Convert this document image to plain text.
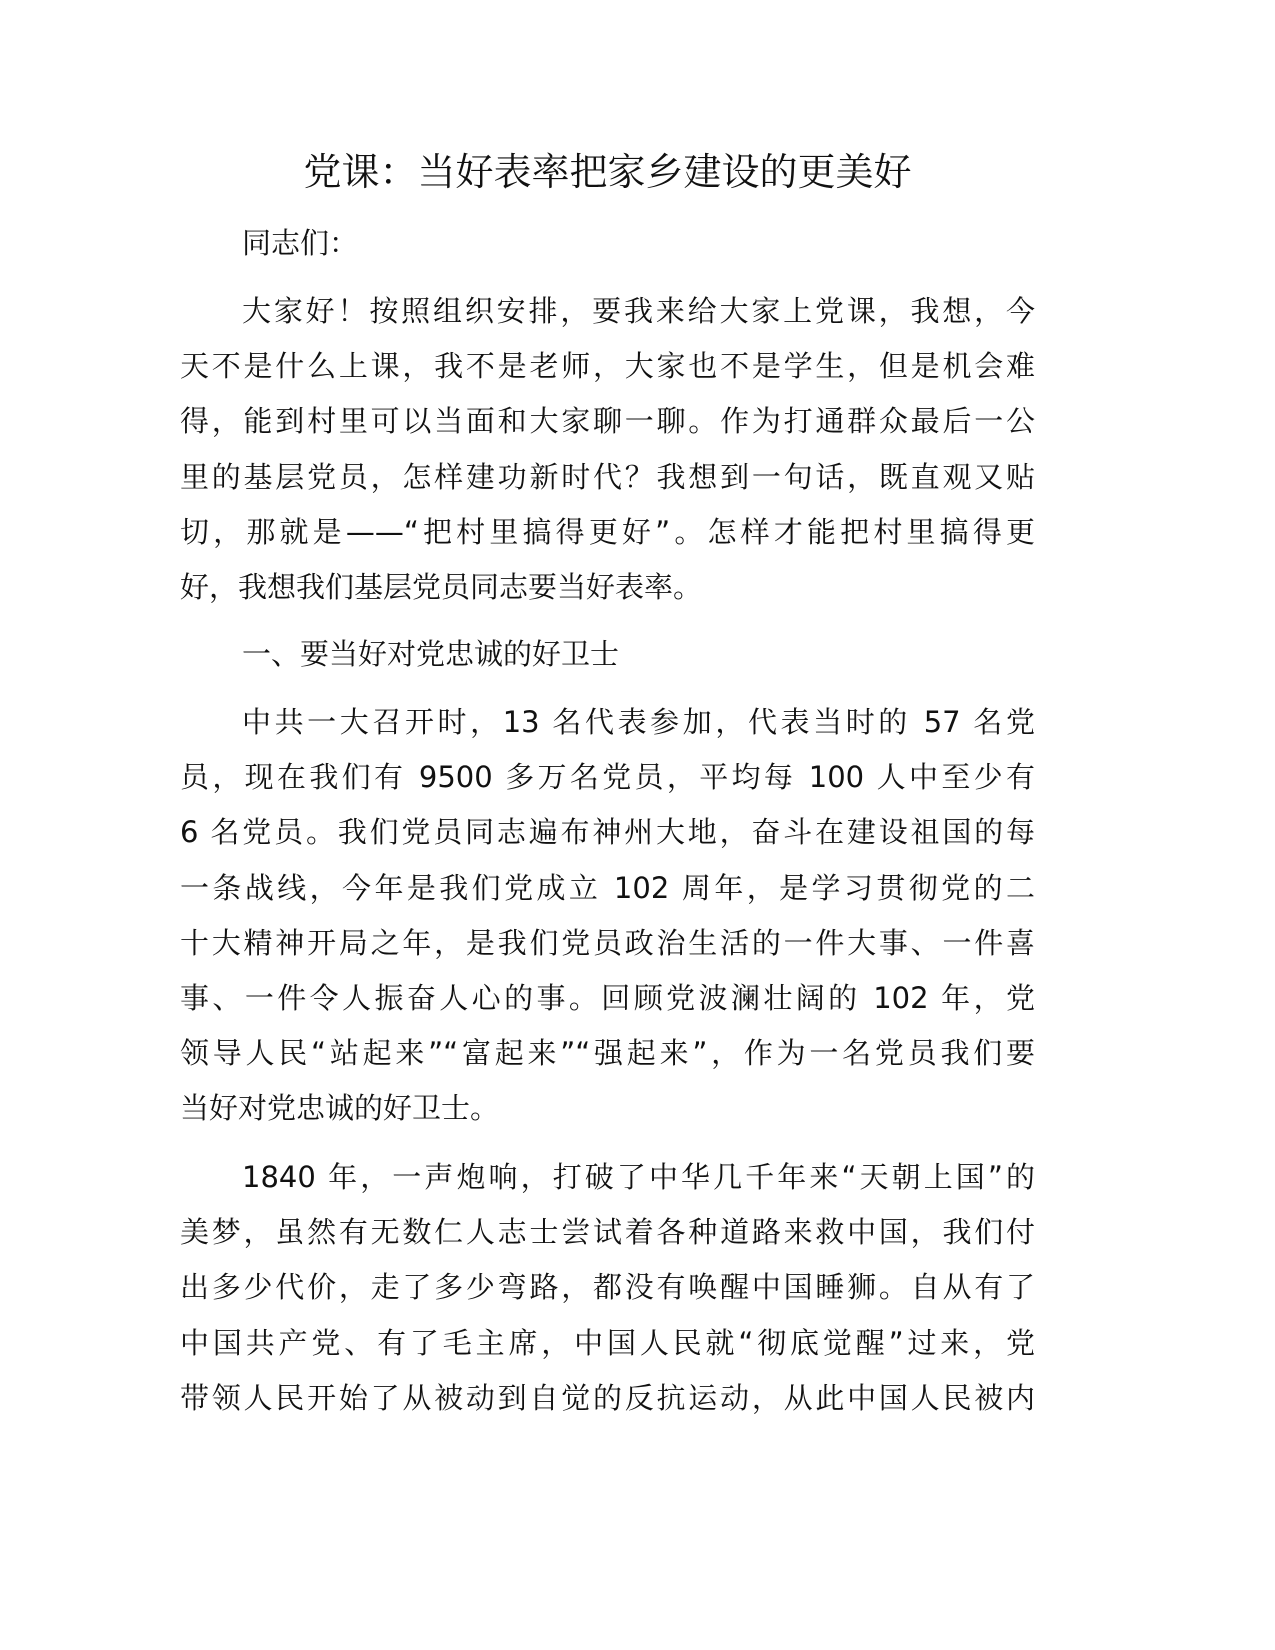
党课：当好表率把家乡建设的更美好
同志们：
大家好！按照组织安排，要我来给大家上党课，我想，今
天不是什么上课，我不是老师，大家也不是学生，但是机会难
得，能到村里可以当面和大家聊一聊。作为打通群众最后一公
里的基层党员，怎样建功新时代？我想到一句话，既直观又贴
切，那就是——“把村里搞得更好”。怎样才能把村里搞得更
好，我想我们基层党员同志要当好表率。
一、要当好对党忠诚的好卫士
中共一大召开时，13 名代表参加，代表当时的 57 名党
员，现在我们有 9500 多万名党员，平均每 100 人中至少有
6 名党员。我们党员同志遍布神州大地，奋斗在建设祖国的每
一条战线，今年是我们党成立 102 周年，是学习贯彻党的二
十大精神开局之年，是我们党员政治生活的一件大事、一件喜
事、一件令人振奋人心的事。回顾党波澜壮阔的 102 年，党
领导人民“站起来”“富起来”“强起来”，作为一名党员我们要
当好对党忠诚的好卫士。
1840 年，一声炮响，打破了中华几千年来“天朝上国”的
美梦，虽然有无数仁人志士尝试着各种道路来救中国，我们付
出多少代价，走了多少弯路，都没有唤醒中国睡狮。自从有了
中国共产党、有了毛主席，中国人民就“彻底觉醒”过来，党
带领人民开始了从被动到自觉的反抗运动，从此中国人民被内
